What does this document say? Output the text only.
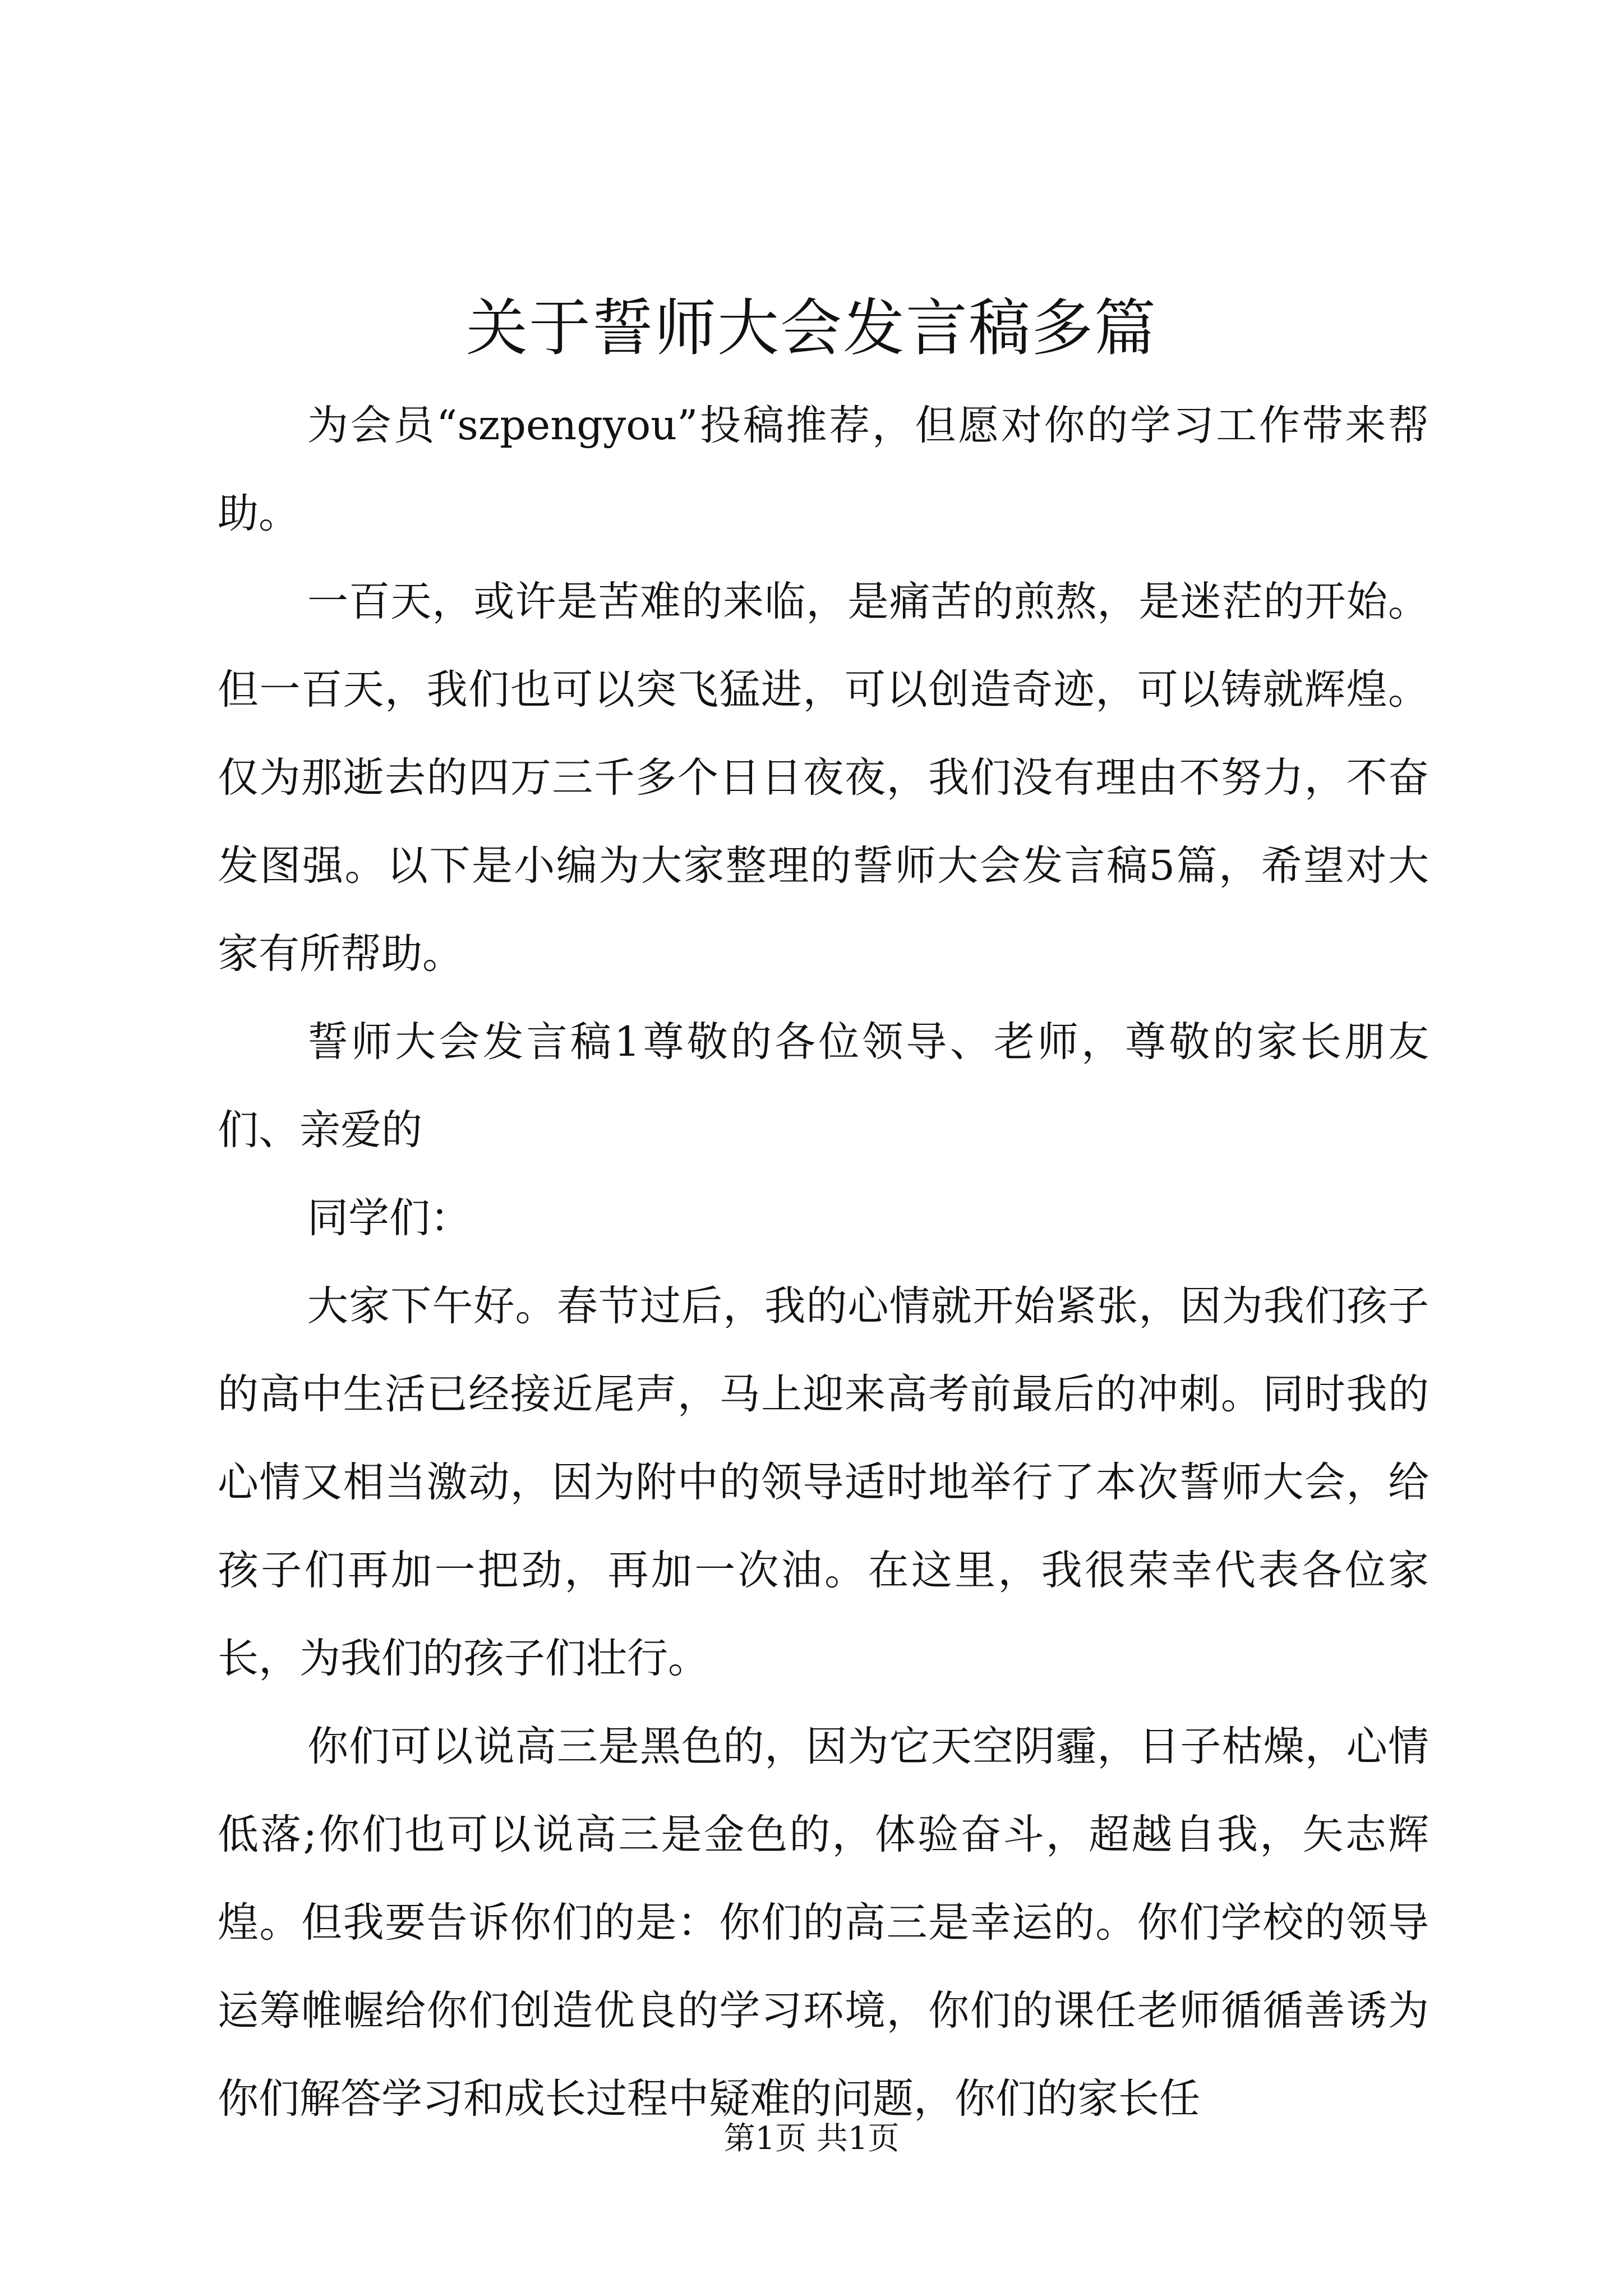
关于誓师大会发言稿多篇

为会员“szpengyou”投稿推荐，但愿对你的学习工作带来帮助。

一百天，或许是苦难的来临，是痛苦的煎熬，是迷茫的开始。但一百天，我们也可以突飞猛进，可以创造奇迹，可以铸就辉煌。仅为那逝去的四万三千多个日日夜夜，我们没有理由不努力，不奋发图强。以下是小编为大家整理的誓师大会发言稿5篇，希望对大家有所帮助。

誓师大会发言稿1尊敬的各位领导、老师，尊敬的家长朋友们、亲爱的

同学们：

大家下午好。春节过后，我的心情就开始紧张，因为我们孩子的高中生活已经接近尾声，马上迎来高考前最后的冲刺。同时我的心情又相当激动，因为附中的领导适时地举行了本次誓师大会，给孩子们再加一把劲，再加一次油。在这里，我很荣幸代表各位家长，为我们的孩子们壮行。

你们可以说高三是黑色的，因为它天空阴霾，日子枯燥，心情低落;你们也可以说高三是金色的，体验奋斗，超越自我，矢志辉煌。但我要告诉你们的是：你们的高三是幸运的。你们学校的领导运筹帷幄给你们创造优良的学习环境，你们的课任老师循循善诱为你们解答学习和成长过程中疑难的问题，你们的家长任

第1页 共1页
